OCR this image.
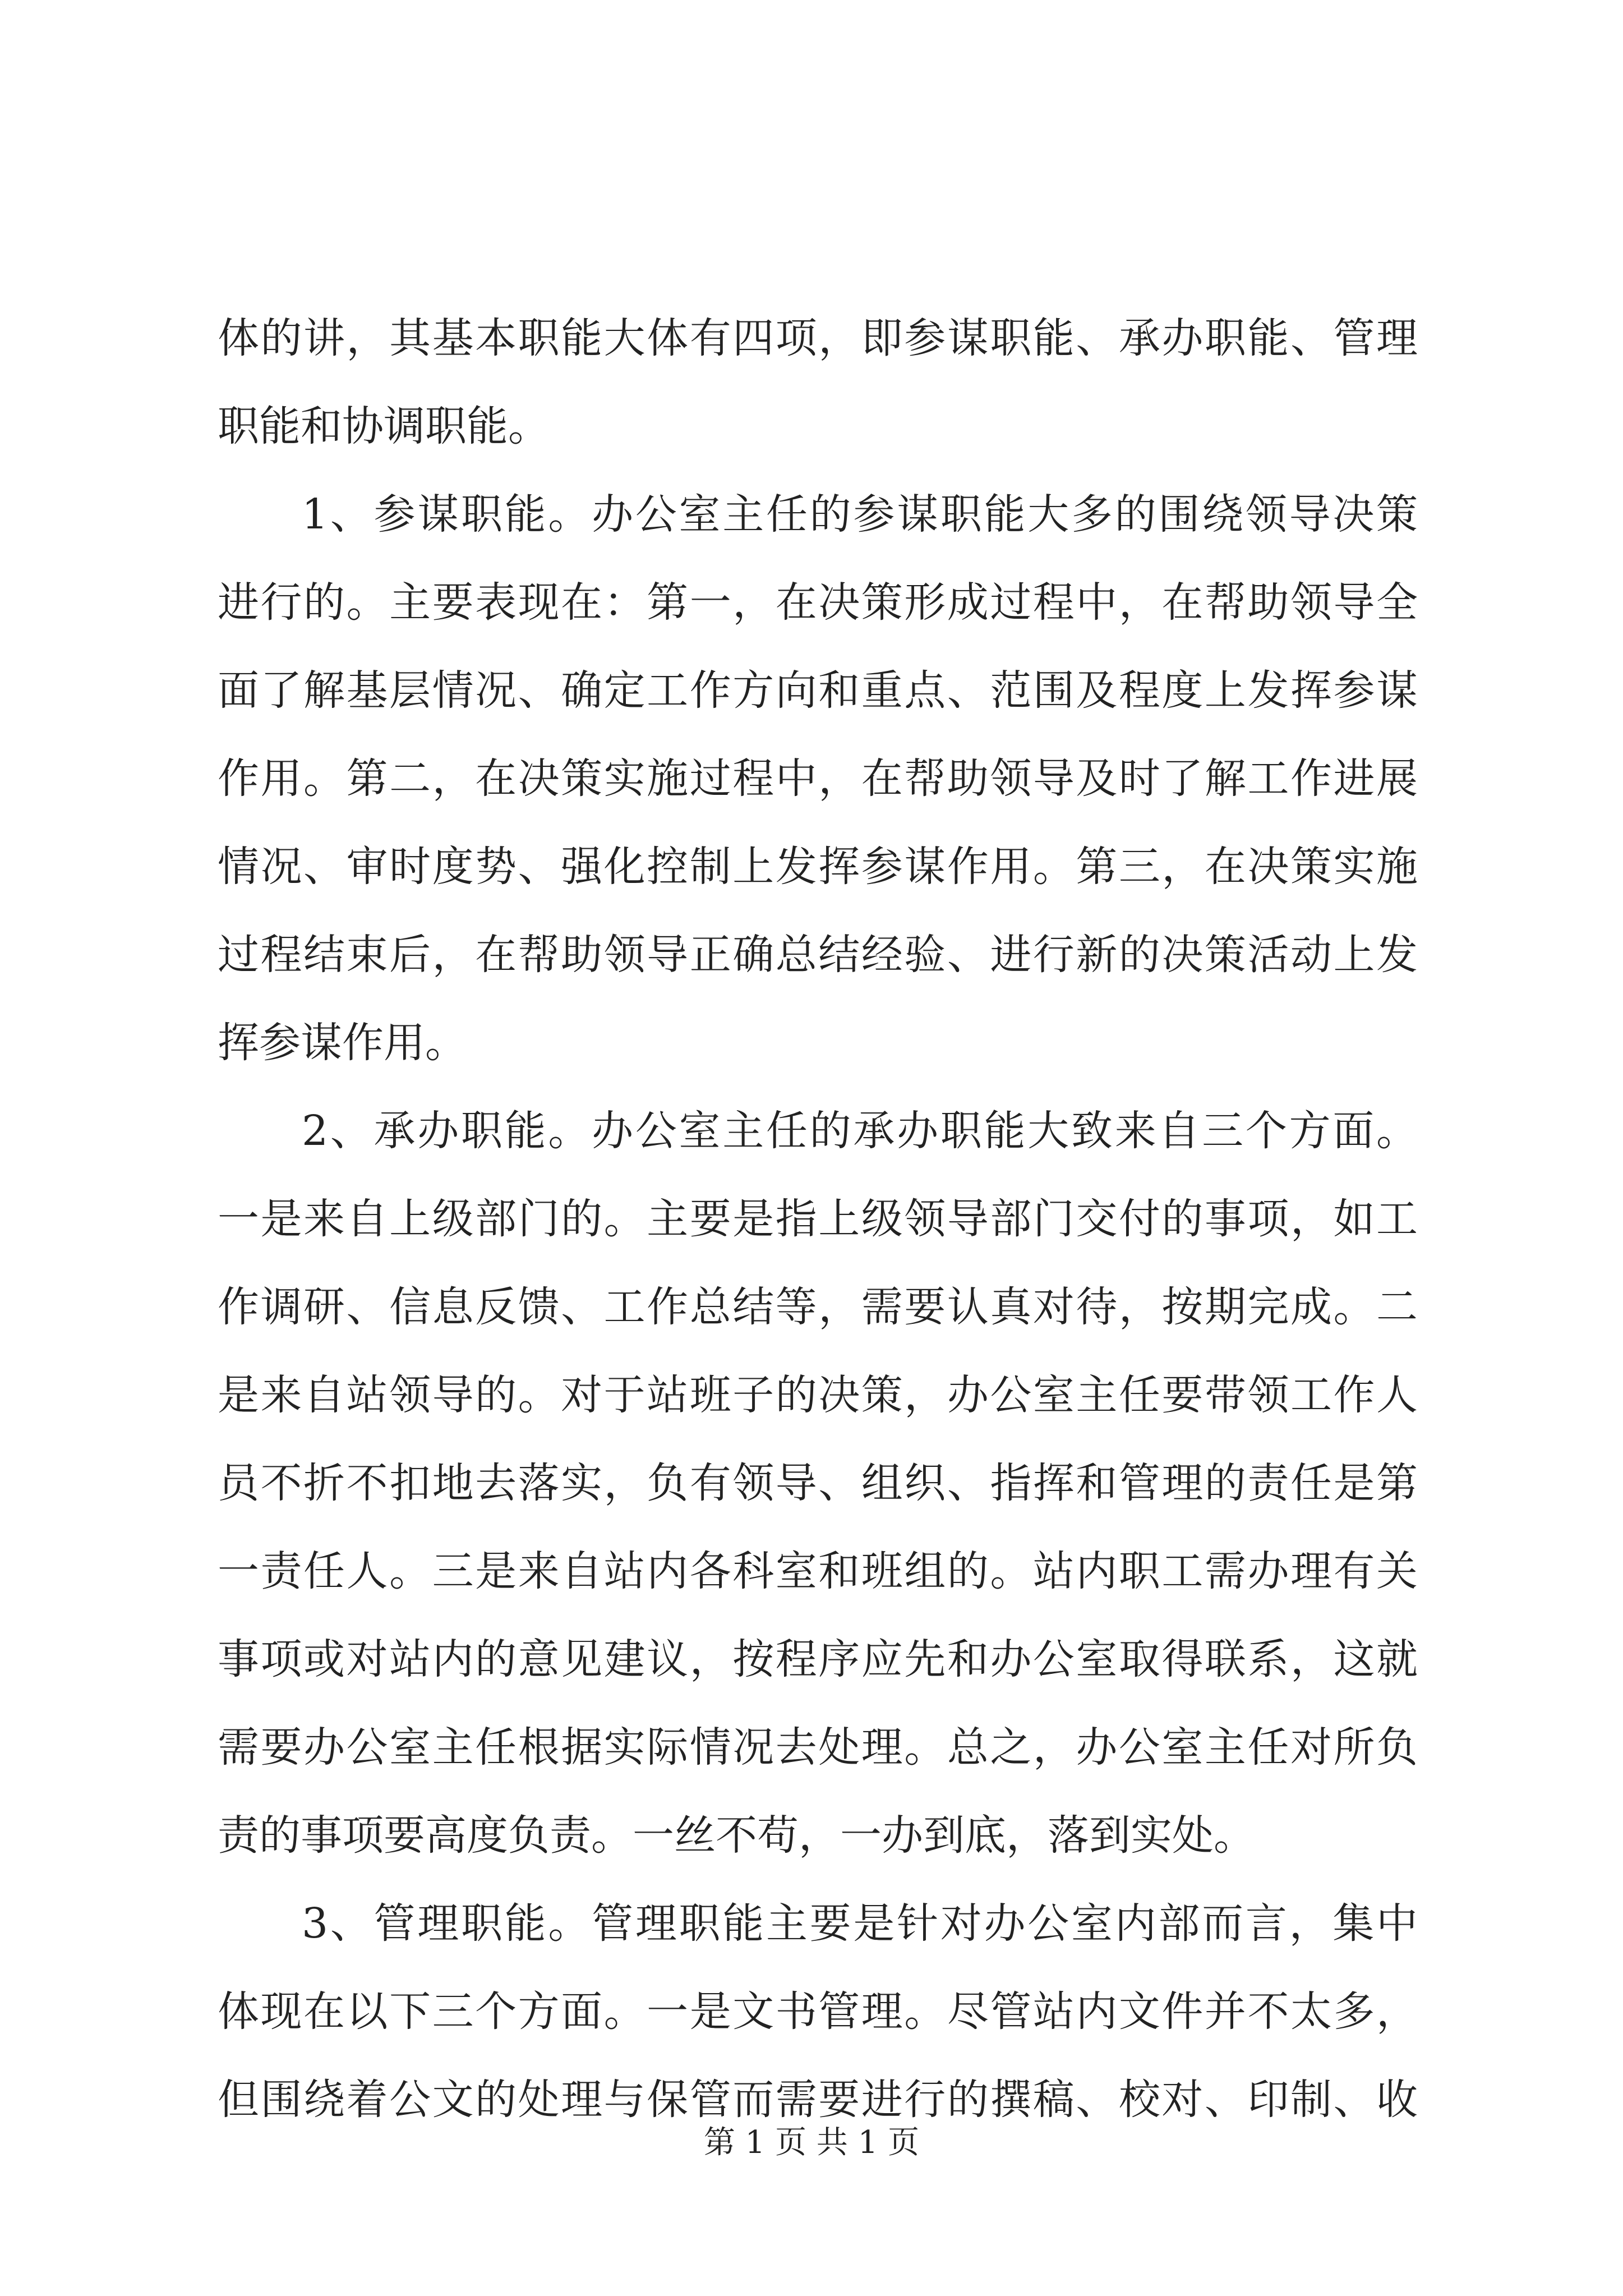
体的讲，其基本职能大体有四项，即参谋职能、承办职能、管理
职能和协调职能。
1、参谋职能。办公室主任的参谋职能大多的围绕领导决策
进行的。主要表现在：第一，在决策形成过程中，在帮助领导全
面了解基层情况、确定工作方向和重点、范围及程度上发挥参谋
作用。第二，在决策实施过程中，在帮助领导及时了解工作进展
情况、审时度势、强化控制上发挥参谋作用。第三，在决策实施
过程结束后，在帮助领导正确总结经验、进行新的决策活动上发
挥参谋作用。
2、承办职能。办公室主任的承办职能大致来自三个方面。
一是来自上级部门的。主要是指上级领导部门交付的事项，如工
作调研、信息反馈、工作总结等，需要认真对待，按期完成。二
是来自站领导的。对于站班子的决策，办公室主任要带领工作人
员不折不扣地去落实，负有领导、组织、指挥和管理的责任是第
一责任人。三是来自站内各科室和班组的。站内职工需办理有关
事项或对站内的意见建议，按程序应先和办公室取得联系，这就
需要办公室主任根据实际情况去处理。总之，办公室主任对所负
责的事项要高度负责。一丝不苟，一办到底，落到实处。
3、管理职能。管理职能主要是针对办公室内部而言，集中
体现在以下三个方面。一是文书管理。尽管站内文件并不太多，
但围绕着公文的处理与保管而需要进行的撰稿、校对、印制、收
第 1 页 共 1 页
